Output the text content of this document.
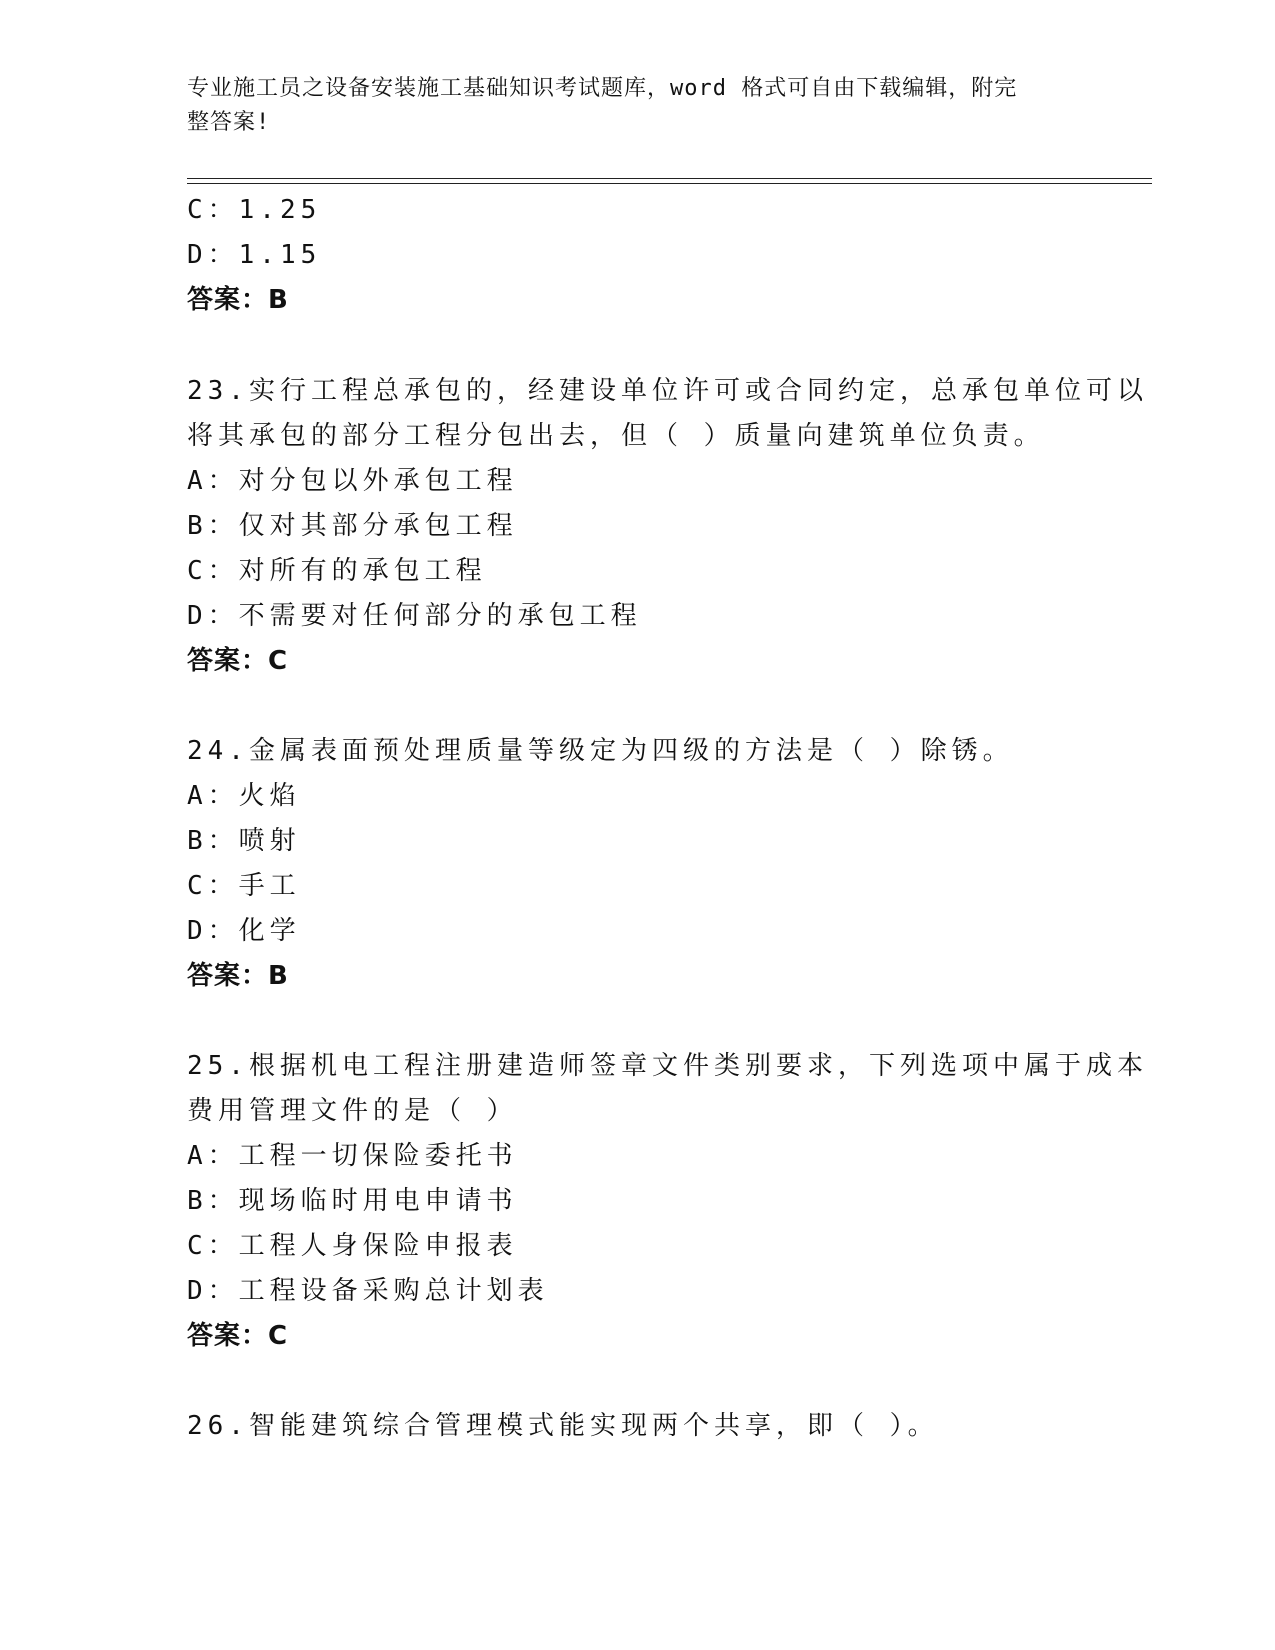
专业施工员之设备安装施工基础知识考试题库，word 格式可自由下载编辑，附完
整答案!
C：1.25
D：1.15
答案：B
23.实行工程总承包的，经建设单位许可或合同约定，总承包单位可以
将其承包的部分工程分包出去，但（ ）质量向建筑单位负责。
A：对分包以外承包工程
B：仅对其部分承包工程
C：对所有的承包工程
D：不需要对任何部分的承包工程
答案：C
24.金属表面预处理质量等级定为四级的方法是（ ）除锈。
A：火焰
B：喷射
C：手工
D：化学
答案：B
25.根据机电工程注册建造师签章文件类别要求，下列选项中属于成本
费用管理文件的是（ ）
A：工程一切保险委托书
B：现场临时用电申请书
C：工程人身保险申报表
D：工程设备采购总计划表
答案：C
26.智能建筑综合管理模式能实现两个共享，即（ ）。
